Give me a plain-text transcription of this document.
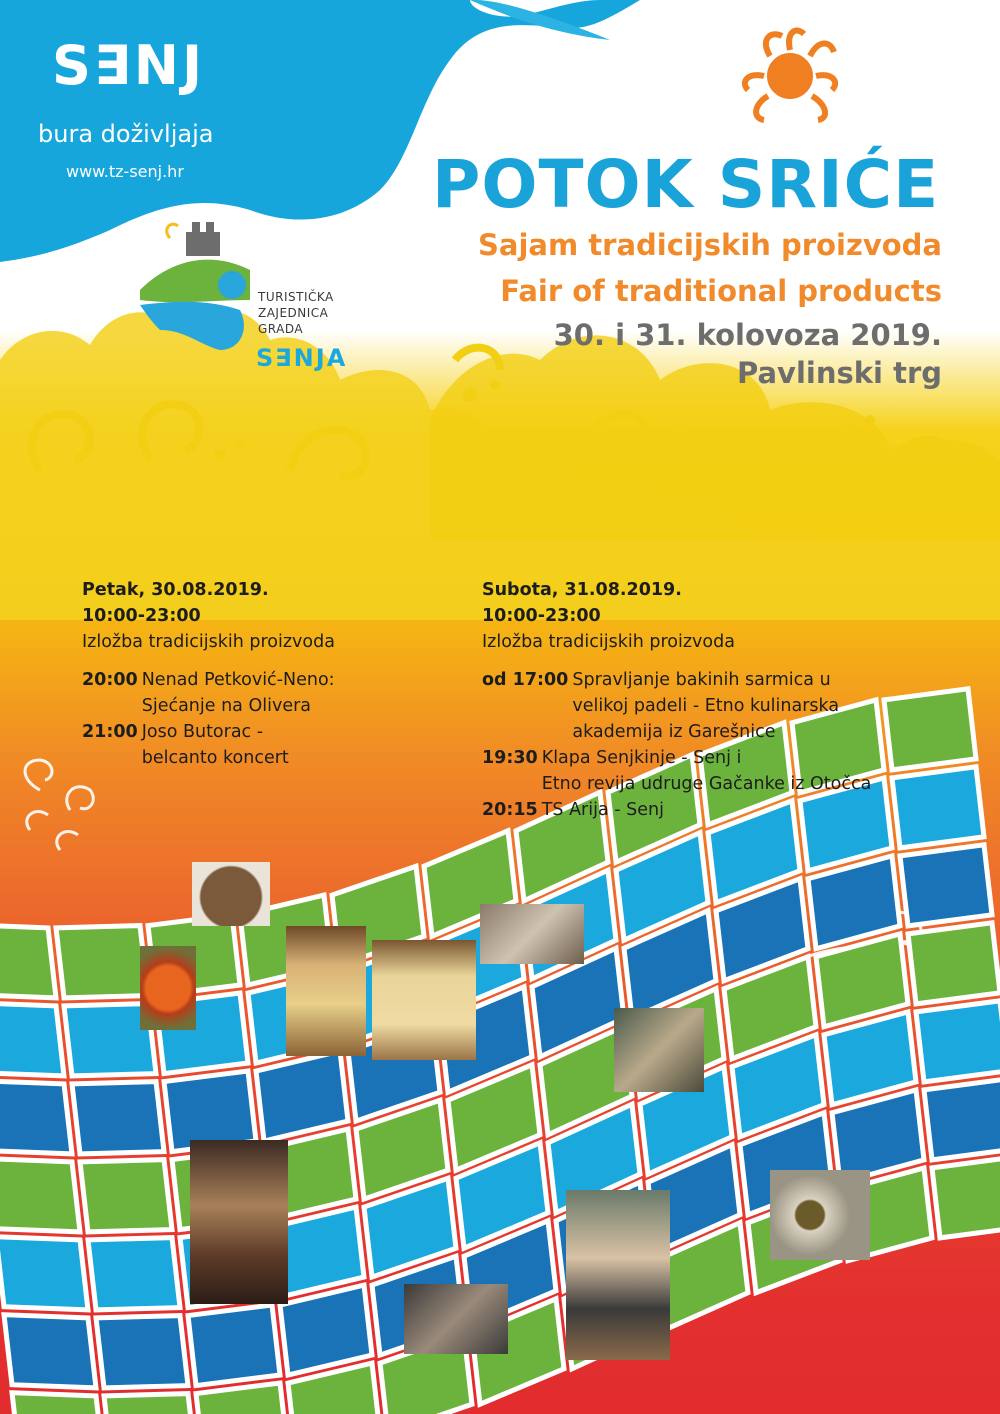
S∃NJ
bura doživljaja
www.tz-senj.hr
TURISTIČKA
ZAJEDNICA
GRADA
S∃NJA
POTOK SRIĆE
Sajam tradicijskih proizvoda
Fair of traditional products
30. i 31. kolovoza 2019.
Pavlinski trg
Petak, 30.08.2019.
10:00-23:00
Izložba tradicijskih proizvoda
20:00 Nenad Petković-Neno:
Sjećanje na Olivera
21:00 Joso Butorac -
belcanto koncert
Subota, 31.08.2019.
10:00-23:00
Izložba tradicijskih proizvoda
od 17:00 Spravljanje bakinih sarmica u
velikoj padeli - Etno kulinarska
akademija iz Garešnice
19:30 Klapa Senjkinje - Senj i
Etno revija udruge Gačanke iz Otočca
20:15 TS Arija - Senj
